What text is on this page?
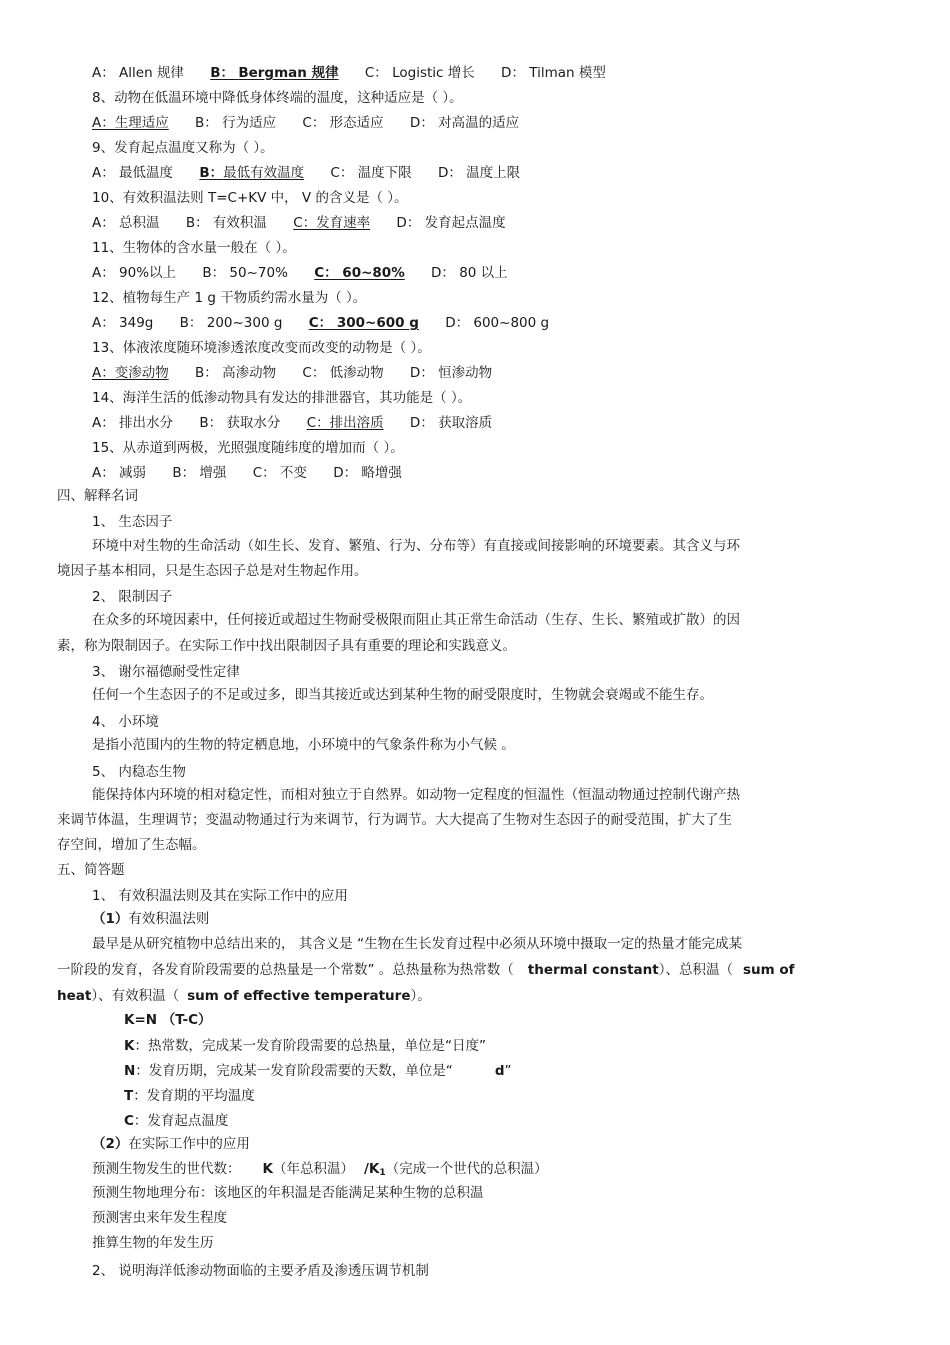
A： Allen 规律 B： Bergman 规律 C： Logistic 增长 D： Tilman 模型
8、动物在低温环境中降低身体终端的温度，这种适应是（ ）。
A：生理适应 B： 行为适应 C： 形态适应 D： 对高温的适应
9、发育起点温度又称为（ ）。
A： 最低温度 B：最低有效温度 C： 温度下限 D： 温度上限
10、有效积温法则 T=C+KV 中， V 的含义是（ ）。
A： 总积温 B： 有效积温 C：发育速率 D： 发育起点温度
11、生物体的含水量一般在（ ）。
A： 90%以上 B： 50~70% C： 60~80% D： 80 以上
12、植物每生产 1 g 干物质约需水量为（ ）。
A： 349g B： 200~300 g C： 300~600 g D： 600~800 g
13、体液浓度随环境渗透浓度改变而改变的动物是（ ）。
A：变渗动物 B： 高渗动物 C： 低渗动物 D： 恒渗动物
14、海洋生活的低渗动物具有发达的排泄器官，其功能是（ ）。
A： 排出水分 B： 获取水分 C：排出溶质 D： 获取溶质
15、从赤道到两极，光照强度随纬度的增加而（ ）。
A： 减弱 B： 增强 C： 不变 D： 略增强
四、解释名词
1、 生态因子
环境中对生物的生命活动（如生长、发育、繁殖、行为、分布等）有直接或间接影响的环境要素。其含义与环
境因子基本相同，只是生态因子总是对生物起作用。
2、 限制因子
在众多的环境因素中，任何接近或超过生物耐受极限而阻止其正常生命活动（生存、生长、繁殖或扩散）的因
素，称为限制因子。在实际工作中找出限制因子具有重要的理论和实践意义。
3、 谢尔福德耐受性定律
任何一个生态因子的不足或过多，即当其接近或达到某种生物的耐受限度时，生物就会衰竭或不能生存。
4、 小环境
是指小范围内的生物的特定栖息地，小环境中的气象条件称为小气候 。
5、 内稳态生物
能保持体内环境的相对稳定性，而相对独立于自然界。如动物一定程度的恒温性（恒温动物通过控制代谢产热
来调节体温，生理调节；变温动物通过行为来调节，行为调节。大大提高了生物对生态因子的耐受范围，扩大了生
存空间，增加了生态幅。
五、简答题
1、 有效积温法则及其在实际工作中的应用
（1）有效积温法则
最早是从研究植物中总结出来的， 其含义是 “生物在生长发育过程中必须从环境中摄取一定的热量才能完成某
一阶段的发育，各发育阶段需要的总热量是一个常数” 。总热量称为热常数（ thermal constant）、总积温（ sum of
heat）、有效积温（ sum of effective temperature）。
K=N （T-C）
K：热常数，完成某一发育阶段需要的总热量，单位是“日度”
N：发育历期，完成某一发育阶段需要的天数，单位是“	d”
T：发育期的平均温度
C：发育起点温度
（2）在实际工作中的应用
预测生物发生的世代数： K（年总积温） $/K_1$（完成一个世代的总积温）
预测生物地理分布：该地区的年积温是否能满足某种生物的总积温
预测害虫来年发生程度
推算生物的年发生历
2、 说明海洋低渗动物面临的主要矛盾及渗透压调节机制
